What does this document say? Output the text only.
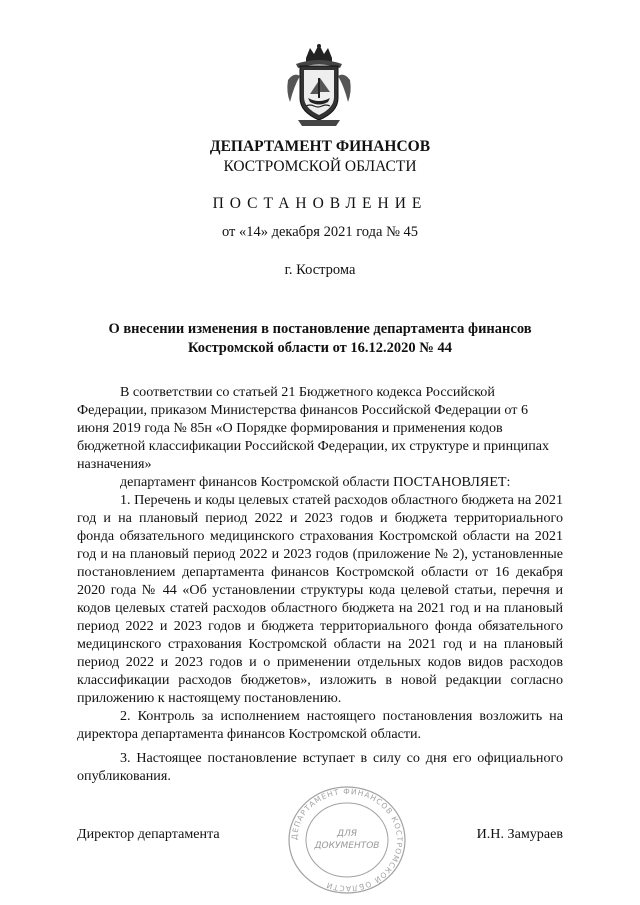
ДЕПАРТАМЕНТ ФИНАНСОВ
КОСТРОМСКОЙ ОБЛАСТИ
ПОСТАНОВЛЕНИЕ
от «14» декабря 2021 года № 45
г. Кострома
О внесении изменения в постановление департамента финансов
Костромской области от 16.12.2020 № 44

В соответствии со статьей 21 Бюджетного кодекса Российской Федерации, приказом Министерства финансов Российской Федерации от 6 июня 2019 года № 85н «О Порядке формирования и применения кодов бюджетной классификации Российской Федерации, их структуре и принципах назначения»

департамент финансов Костромской области ПОСТАНОВЛЯЕТ:

1. Перечень и коды целевых статей расходов областного бюджета на 2021 год и на плановый период 2022 и 2023 годов и бюджета территориального фонда обязательного медицинского страхования Костромской области на 2021 год и на плановый период 2022 и 2023 годов (приложение № 2), установленные постановлением департамента финансов Костромской области от 16 декабря 2020 года № 44 «Об установлении структуры кода целевой статьи, перечня и кодов целевых статей расходов областного бюджета на 2021 год и на плановый период 2022 и 2023 годов и бюджета территориального фонда обязательного медицинского страхования Костромской области на 2021 год и на плановый период 2022 и 2023 годов и о применении отдельных кодов видов расходов классификации расходов бюджетов», изложить в новой редакции согласно приложению к настоящему постановлению.

2. Контроль за исполнением настоящего постановления возложить на директора департамента финансов Костромской области.

3. Настоящее постановление вступает в силу со дня его официального опубликования.

ДЕПАРТАМЕНТ ФИНАНСОВ КОСТРОМСКОЙ ОБЛАСТИ
ДЛЯ
ДОКУМЕНТОВ
Директор департамента	И.Н. Замураев
